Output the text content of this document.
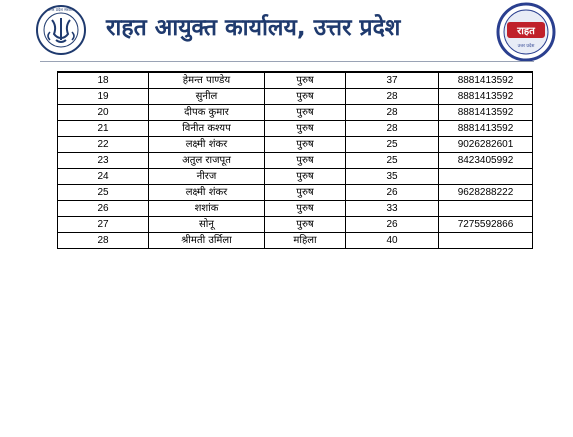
उत्तर प्रदेश सरकार
राहत आयुक्त कार्यालय, उत्तर प्रदेश	राहत
उत्तर प्रदेश
18	हेमन्त पाण्डेय	पुरुष	37	8881413592
19	सुनील	पुरुष	28	8881413592
20	दीपक कुमार	पुरुष	28	8881413592
21	विनीत कश्यप	पुरुष	28	8881413592
22	लक्ष्मी शंकर	पुरुष	25	9026282601
23	अतुल राजपूत	पुरुष	25	8423405992
24	नीरज	पुरुष	35	
25	लक्ष्मी शंकर	पुरुष	26	9628288222
26	शशांक	पुरुष	33	
27	सोनू	पुरुष	26	7275592866
28	श्रीमती उर्मिला	महिला	40	
